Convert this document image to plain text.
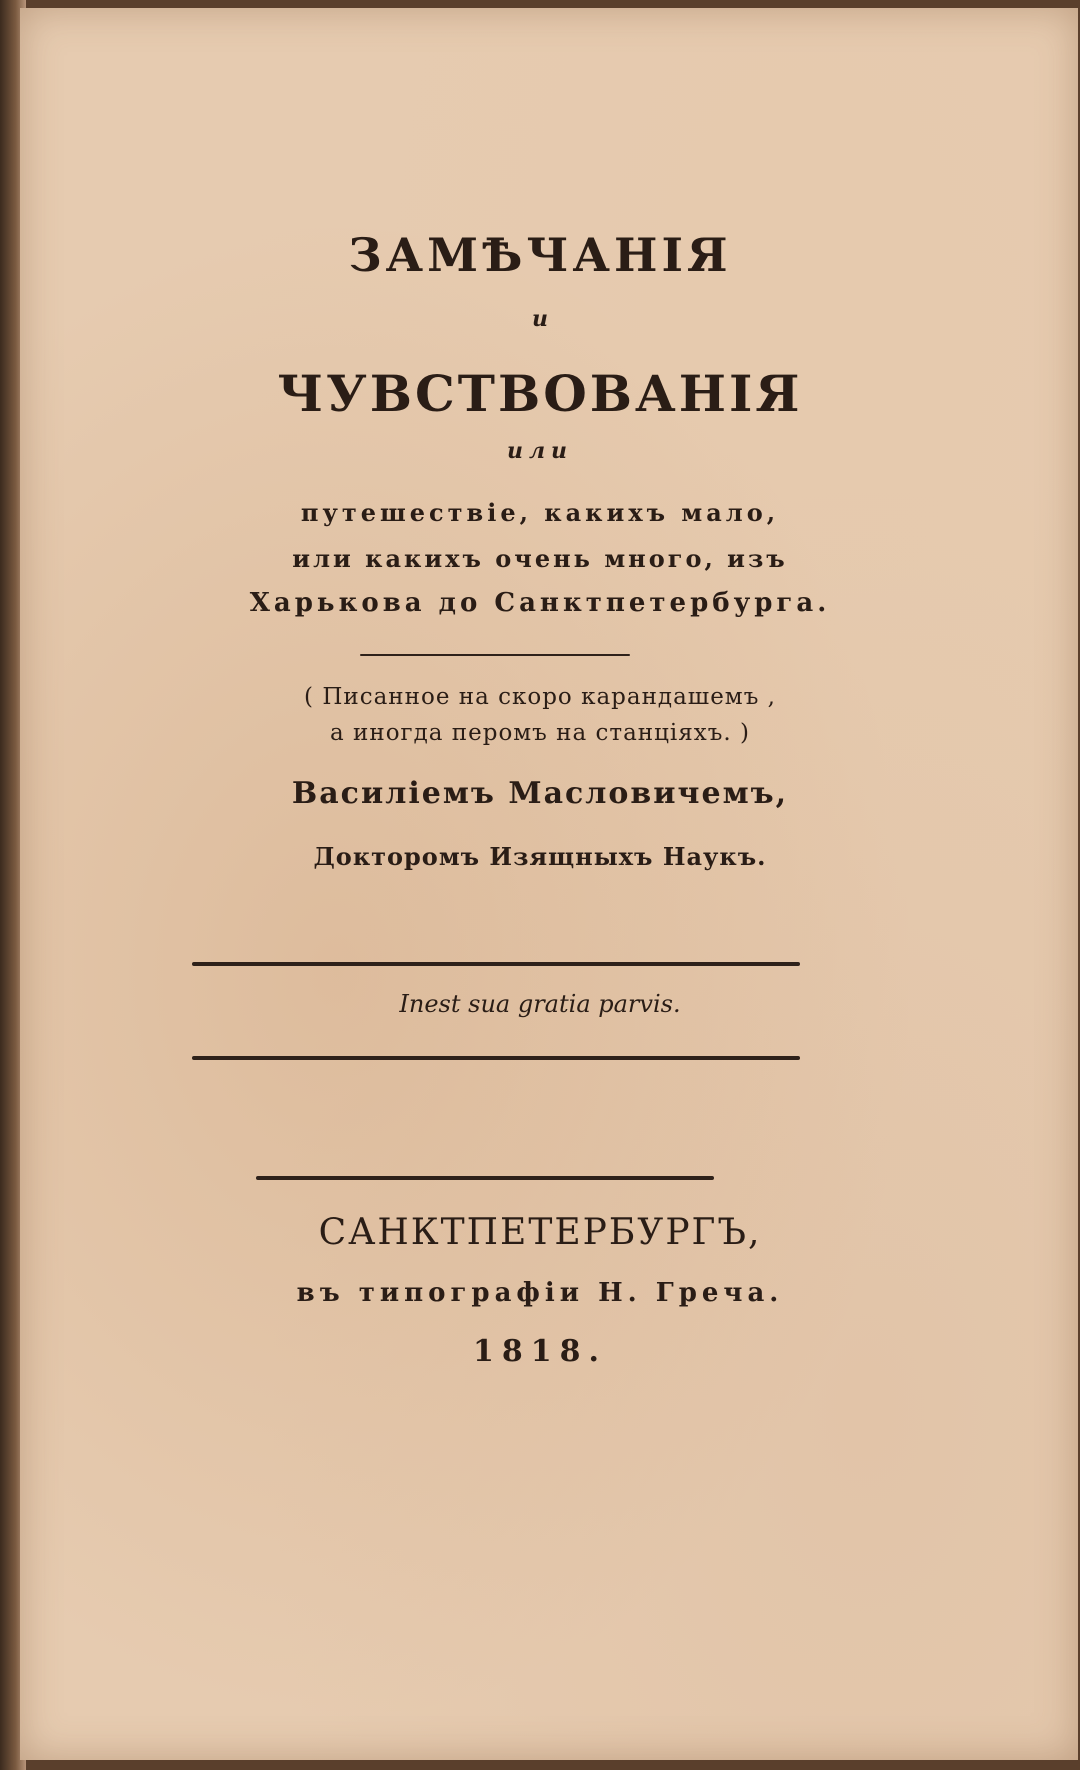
ЗАМѢЧАНІЯ
и
ЧУВСТВОВАНІЯ
или
путешествіе, какихъ мало,
или какихъ очень много, изъ
Харькова до Санктпетербурга.
( Писанное на скоро карандашемъ ,
а иногда перомъ на станціяхъ. )
Василіемъ Масловичемъ,
Докторомъ Изящныхъ Наукъ.
Inest sua gratia parvis.
САНКТПЕТЕРБУРГЪ,
въ типографіи Н. Греча.
1818.
